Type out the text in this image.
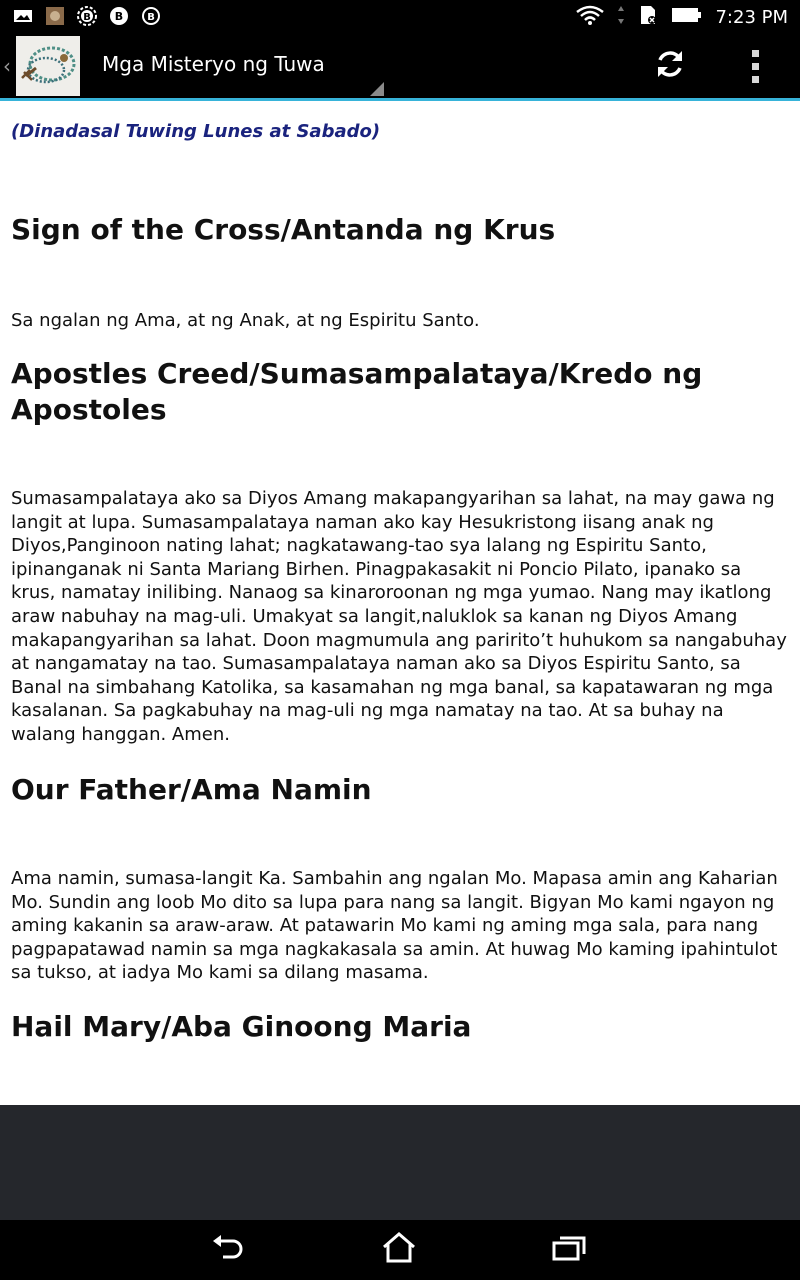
B B B	7:23 PM
‹	Mga Misteryo ng Tuwa
(Dinadasal Tuwing Lunes at Sabado)
Sign of the Cross/Antanda ng Krus

Sa ngalan ng Ama, at ng Anak, at ng Espiritu Santo.

Apostles Creed/Sumasampalataya/Kredo ng Apostoles

Sumasampalataya ako sa Diyos Amang makapangyarihan sa lahat, na may gawa ng langit at lupa. Sumasampalataya naman ako kay Hesukristong iisang anak ng Diyos,Panginoon nating lahat; nagkatawang-tao sya lalang ng Espiritu Santo, ipinanganak ni Santa Mariang Birhen. Pinagpakasakit ni Poncio Pilato, ipanako sa krus, namatay inilibing. Nanaog sa kinaroroonan ng mga yumao. Nang may ikatlong araw nabuhay na mag-uli. Umakyat sa langit,naluklok sa kanan ng Diyos Amang makapangyarihan sa lahat. Doon magmumula ang paririto’t huhukom sa nangabuhay at nangamatay na tao. Sumasampalataya naman ako sa Diyos Espiritu Santo, sa Banal na simbahang Katolika, sa kasamahan ng mga banal, sa kapatawaran ng mga kasalanan. Sa pagkabuhay na mag-uli ng mga namatay na tao. At sa buhay na walang hanggan. Amen.

Our Father/Ama Namin

Ama namin, sumasa-langit Ka. Sambahin ang ngalan Mo. Mapasa amin ang Kaharian Mo. Sundin ang loob Mo dito sa lupa para nang sa langit. Bigyan Mo kami ngayon ng aming kakanin sa araw-araw. At patawarin Mo kami ng aming mga sala, para nang pagpapatawad namin sa mga nagkakasala sa amin. At huwag Mo kaming ipahintulot sa tukso, at iadya Mo kami sa dilang masama.

Hail Mary/Aba Ginoong Maria
